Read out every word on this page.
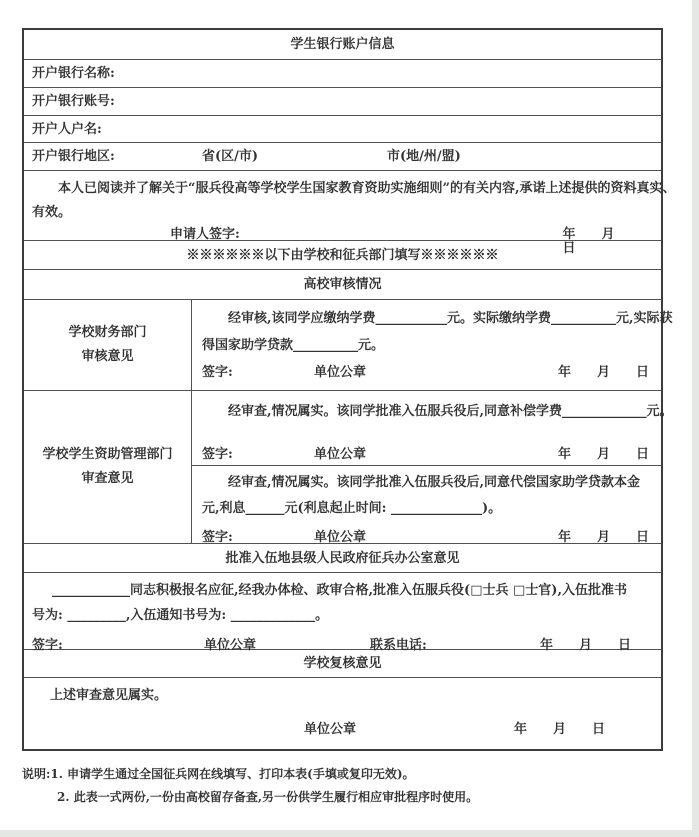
学生银行账户信息
开户银行名称:
开户银行账号:
开户人户名:
开户银行地区:	省(区/市)	市(地/州/盟)
本人已阅读并了解关于“服兵役高等学校学生国家教育资助实施细则”的有关内容,承诺上述提供的资料真实、
有效。
申请人签字:	年　　月　　日
※※※※※※以下由学校和征兵部门填写※※※※※※
高校审核情况
学校财务部门
审核意见
经审核,该同学应缴纳学费___________元。实际缴纳学费__________元,实际获
得国家助学贷款__________元。
签字:	单位公章	年　　月　　日
学校学生资助管理部门
审查意见
经审查,情况属实。该同学批准入伍服兵役后,同意补偿学费_____________元。
签字:	单位公章	年　　月　　日
经审查,情况属实。该同学批准入伍服兵役后,同意代偿国家助学贷款本金
元,利息______元(利息起止时间: ______________)。
签字:	单位公章	年　　月　　日
批准入伍地县级人民政府征兵办公室意见
____________同志积极报名应征,经我办体检、政审合格,批准入伍服兵役(□士兵 □士官),入伍批准书
号为: _________,入伍通知书号为: _____________。
签字:	单位公章	联系电话:	年　　月　　日
学校复核意见
上述审查意见属实。
单位公章	年　　月　　日
说明:1. 申请学生通过全国征兵网在线填写、打印本表(手填或复印无效)。
2. 此表一式两份,一份由高校留存备查,另一份供学生履行相应审批程序时使用。
